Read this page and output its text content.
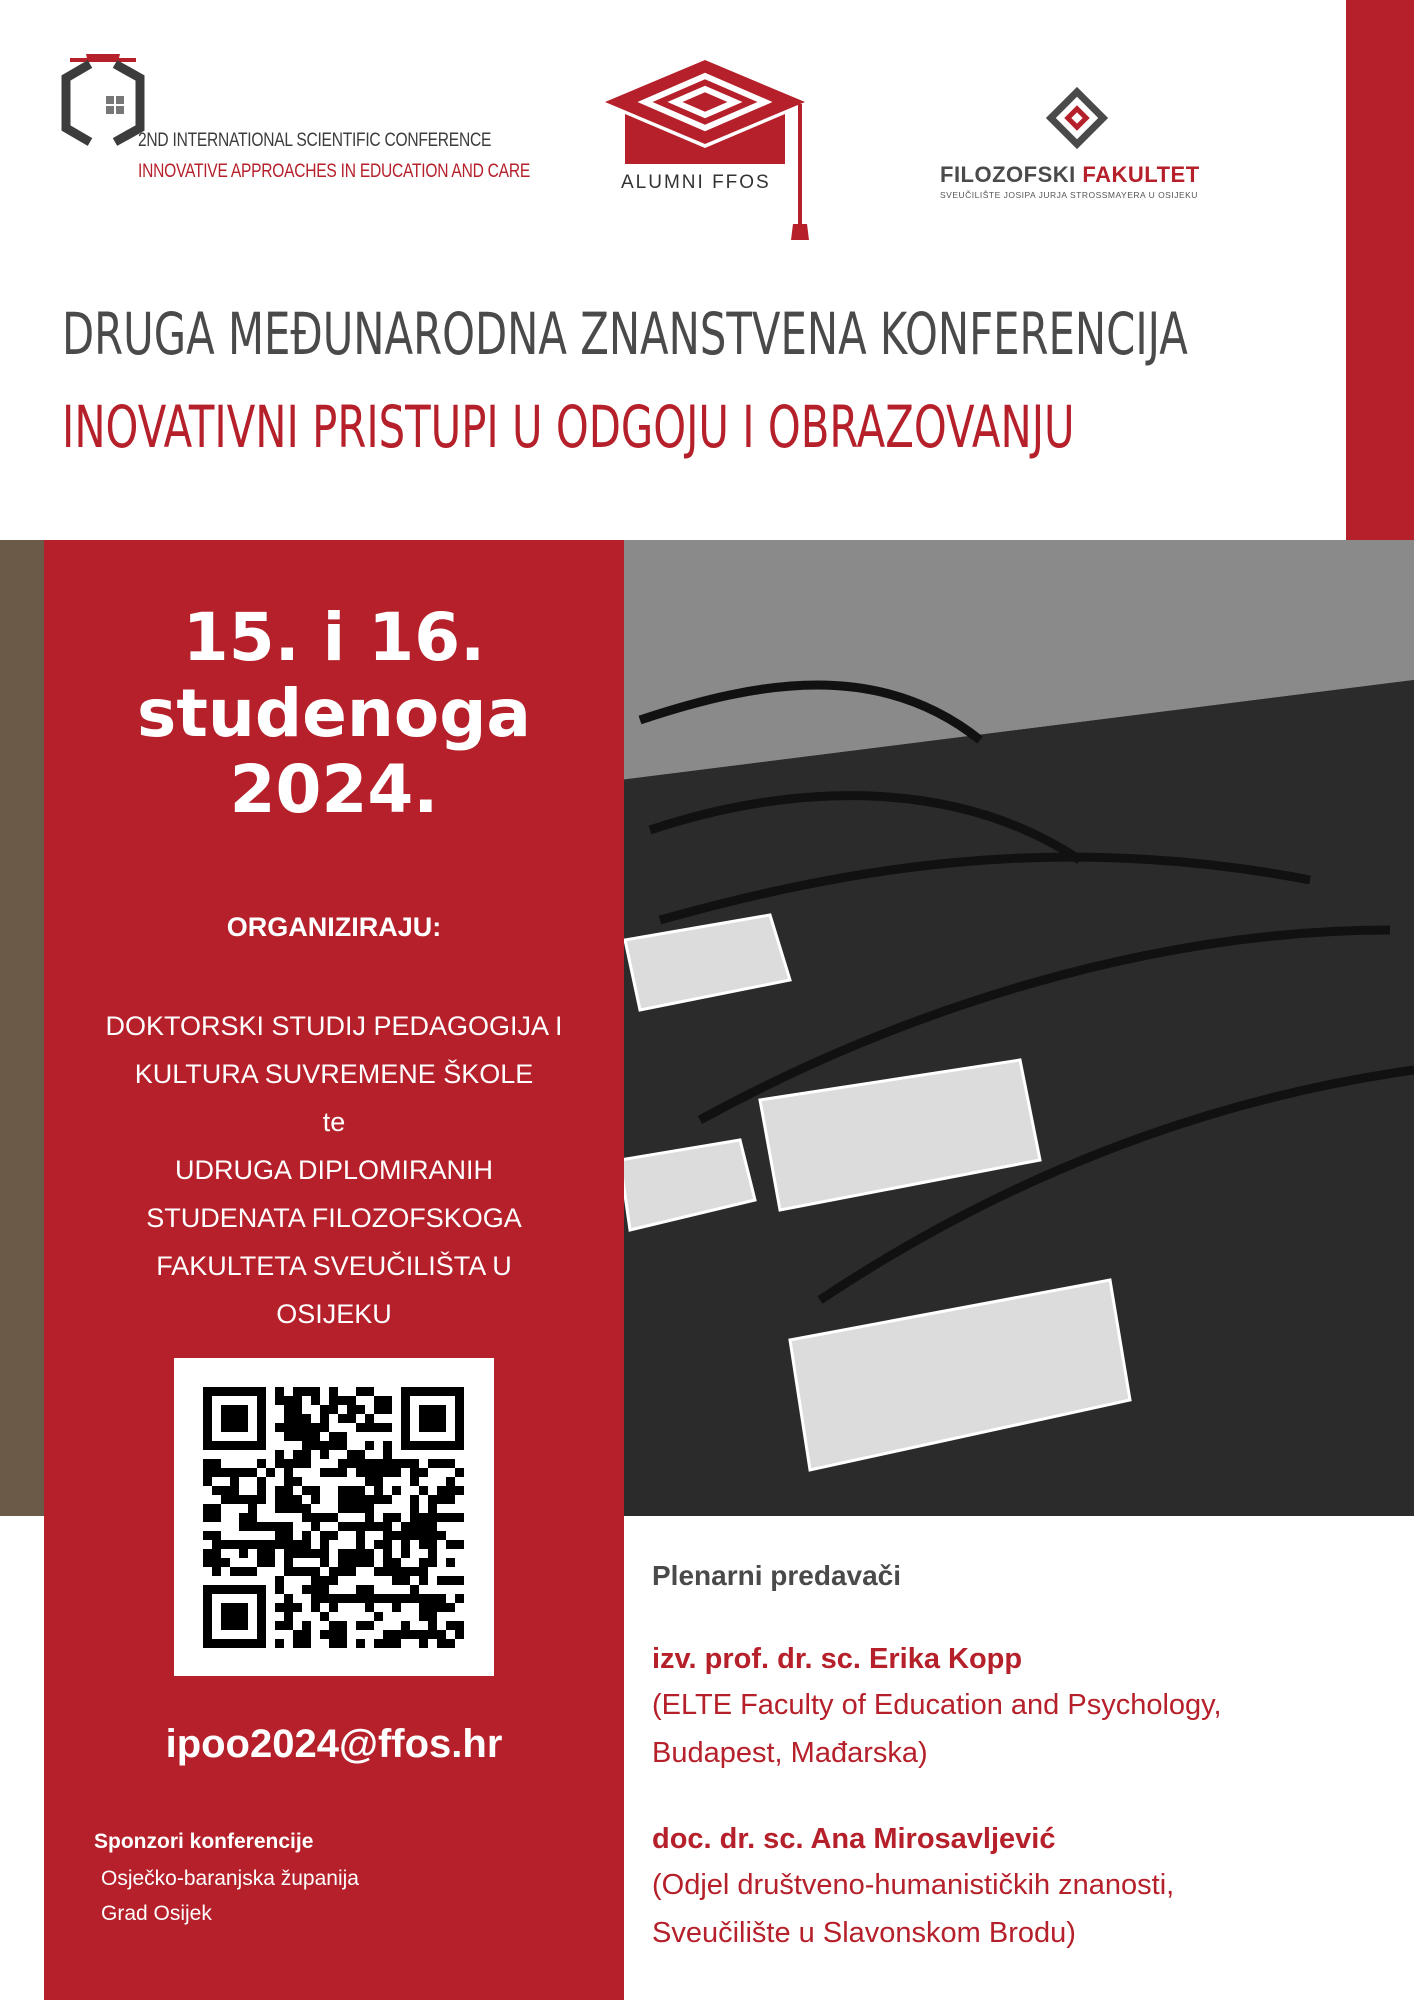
2ND INTERNATIONAL SCIENTIFIC CONFERENCE
INNOVATIVE APPROACHES IN EDUCATION AND CARE
ALUMNI FFOS	FILOZOFSKI FAKULTET
SVEUČILIŠTE JOSIPA JURJA STROSSMAYERA U OSIJEKU
DRUGA MEĐUNARODNA ZNANSTVENA KONFERENCIJA
INOVATIVNI PRISTUPI U ODGOJU I OBRAZOVANJU
15. i 16.
studenoga
2024.
ORGANIZIRAJU:
DOKTORSKI STUDIJ PEDAGOGIJA I
KULTURA SUVREMENE ŠKOLE
te
UDRUGA DIPLOMIRANIH
STUDENATA FILOZOFSKOGA
FAKULTETA SVEUČILIŠTA U
OSIJEKU
ipoo2024@ffos.hr
Sponzori konferencije
Osječko-baranjska županija
Grad Osijek
Plenarni predavači
izv. prof. dr. sc. Erika Kopp
(ELTE Faculty of Education and Psychology,
Budapest, Mađarska)
doc. dr. sc. Ana Mirosavljević
(Odjel društveno-humanističkih znanosti,
Sveučilište u Slavonskom Brodu)
